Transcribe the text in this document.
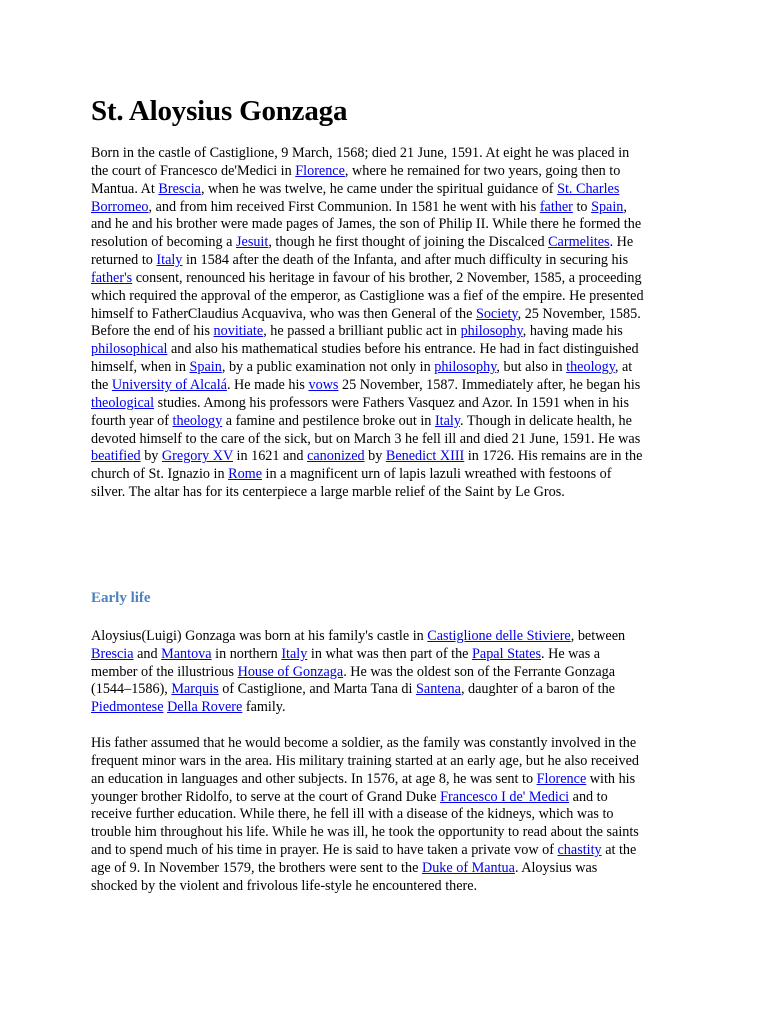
St. Aloysius Gonzaga
Born in the castle of Castiglione, 9 March, 1568; died 21 June, 1591. At eight he was placed in
the court of Francesco de'Medici in Florence, where he remained for two years, going then to
Mantua. At Brescia, when he was twelve, he came under the spiritual guidance of St. Charles
Borromeo, and from him received First Communion. In 1581 he went with his father to Spain,
and he and his brother were made pages of James, the son of Philip II. While there he formed the
resolution of becoming a Jesuit, though he first thought of joining the Discalced Carmelites. He
returned to Italy in 1584 after the death of the Infanta, and after much difficulty in securing his
father's consent, renounced his heritage in favour of his brother, 2 November, 1585, a proceeding
which required the approval of the emperor, as Castiglione was a fief of the empire. He presented
himself to FatherClaudius Acquaviva, who was then General of the Society, 25 November, 1585.
Before the end of his novitiate, he passed a brilliant public act in philosophy, having made his
philosophical and also his mathematical studies before his entrance. He had in fact distinguished
himself, when in Spain, by a public examination not only in philosophy, but also in theology, at
the University of Alcalá. He made his vows 25 November, 1587. Immediately after, he began his
theological studies. Among his professors were Fathers Vasquez and Azor. In 1591 when in his
fourth year of theology a famine and pestilence broke out in Italy. Though in delicate health, he
devoted himself to the care of the sick, but on March 3 he fell ill and died 21 June, 1591. He was
beatified by Gregory XV in 1621 and canonized by Benedict XIII in 1726. His remains are in the
church of St. Ignazio in Rome in a magnificent urn of lapis lazuli wreathed with festoons of
silver. The altar has for its centerpiece a large marble relief of the Saint by Le Gros.
Early life
Aloysius(Luigi) Gonzaga was born at his family's castle in Castiglione delle Stiviere, between
Brescia and Mantova in northern Italy in what was then part of the Papal States. He was a
member of the illustrious House of Gonzaga. He was the oldest son of the Ferrante Gonzaga
(1544–1586), Marquis of Castiglione, and Marta Tana di Santena, daughter of a baron of the
Piedmontese Della Rovere family.
His father assumed that he would become a soldier, as the family was constantly involved in the
frequent minor wars in the area. His military training started at an early age, but he also received
an education in languages and other subjects. In 1576, at age 8, he was sent to Florence with his
younger brother Ridolfo, to serve at the court of Grand Duke Francesco I de' Medici and to
receive further education. While there, he fell ill with a disease of the kidneys, which was to
trouble him throughout his life. While he was ill, he took the opportunity to read about the saints
and to spend much of his time in prayer. He is said to have taken a private vow of chastity at the
age of 9. In November 1579, the brothers were sent to the Duke of Mantua. Aloysius was
shocked by the violent and frivolous life-style he encountered there.
